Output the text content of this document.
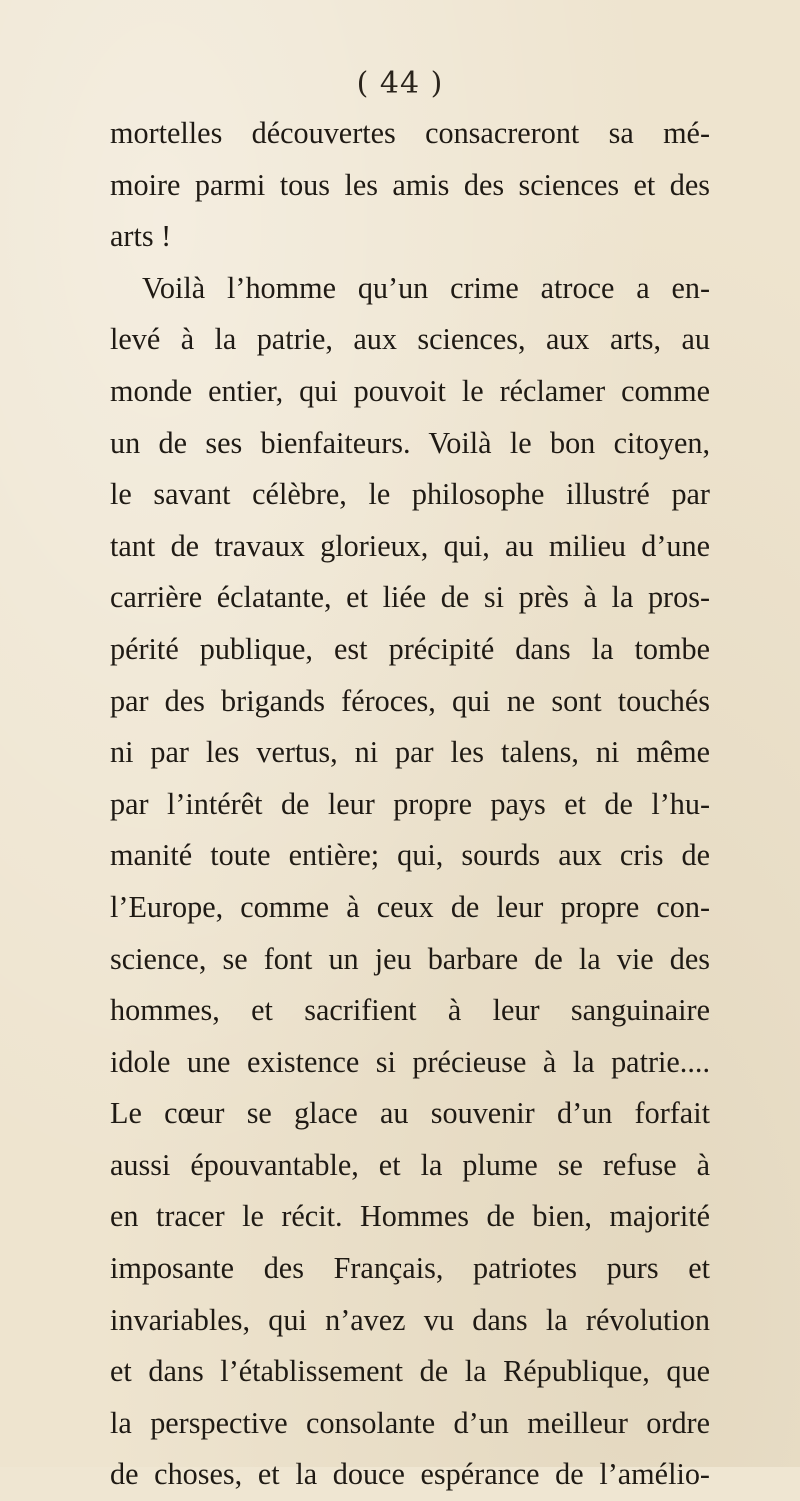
( 44 )
mortelles découvertes consacreront sa mé-
moire parmi tous les amis des sciences et des
arts !
Voilà l’homme qu’un crime atroce a en-
levé à la patrie, aux sciences, aux arts, au
monde entier, qui pouvoit le réclamer comme
un de ses bienfaiteurs. Voilà le bon citoyen,
le savant célèbre, le philosophe illustré par
tant de travaux glorieux, qui, au milieu d’une
carrière éclatante, et liée de si près à la pros-
périté publique, est précipité dans la tombe
par des brigands féroces, qui ne sont touchés
ni par les vertus, ni par les talens, ni même
par l’intérêt de leur propre pays et de l’hu-
manité toute entière; qui, sourds aux cris de
l’Europe, comme à ceux de leur propre con-
science, se font un jeu barbare de la vie des
hommes, et sacrifient à leur sanguinaire
idole une existence si précieuse à la patrie....
Le cœur se glace au souvenir d’un forfait
aussi épouvantable, et la plume se refuse à
en tracer le récit. Hommes de bien, majorité
imposante des Français, patriotes purs et
invariables, qui n’avez vu dans la révolution
et dans l’établissement de la République, que
la perspective consolante d’un meilleur ordre
de choses, et la douce espérance de l’amélio-
